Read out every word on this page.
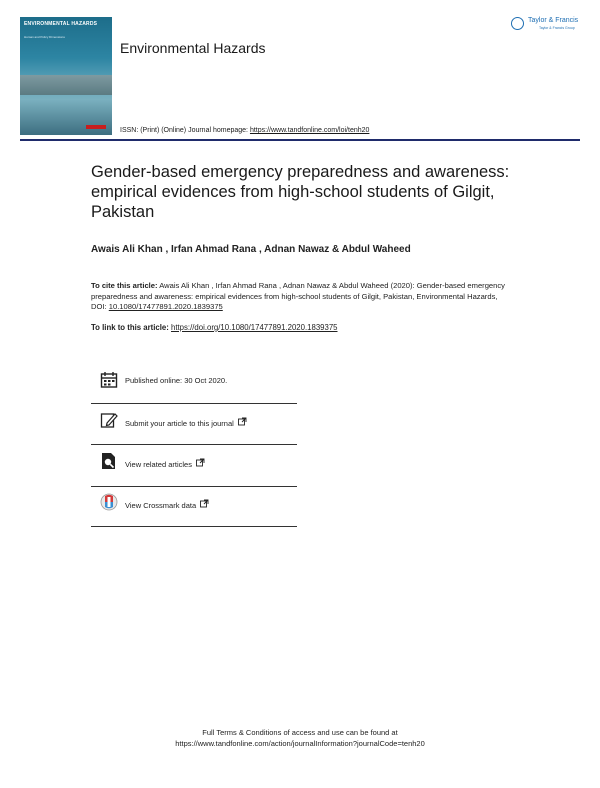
ENVIRONMENTAL HAZARDS
Human and Policy Dimensions
Environmental Hazards
Taylor & Francis
Taylor & Francis Group
ISSN: (Print) (Online) Journal homepage: https://www.tandfonline.com/loi/tenh20
Gender-based emergency preparedness and awareness: empirical evidences from high-school students of Gilgit, Pakistan
Awais Ali Khan , Irfan Ahmad Rana , Adnan Nawaz & Abdul Waheed
To cite this article: Awais Ali Khan , Irfan Ahmad Rana , Adnan Nawaz & Abdul Waheed (2020): Gender-based emergency preparedness and awareness: empirical evidences from high-school students of Gilgit, Pakistan, Environmental Hazards, DOI: 10.1080/17477891.2020.1839375
To link to this article: https://doi.org/10.1080/17477891.2020.1839375
Published online: 30 Oct 2020.
Submit your article to this journal
View related articles
View Crossmark data
Full Terms & Conditions of access and use can be found at
https://www.tandfonline.com/action/journalInformation?journalCode=tenh20
